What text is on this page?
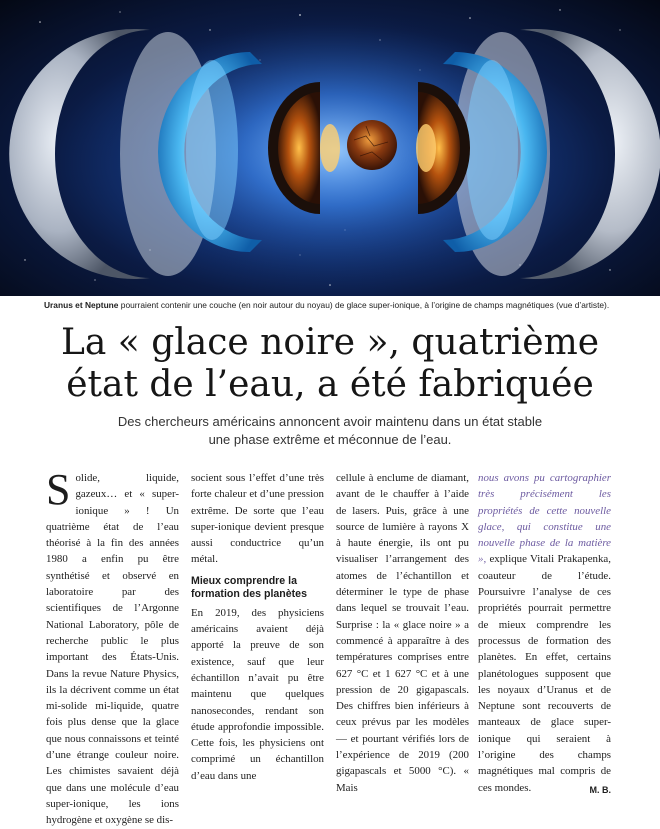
Uranus et Neptune pourraient contenir une couche (en noir autour du noyau) de glace super-ionique, à l’origine de champs magnétiques (vue d’artiste).
La « glace noire », quatrième
état de l’eau, a été fabriquée
Des chercheurs américains annoncent avoir maintenu dans un état stable
une phase extrême et méconnue de l’eau.
Solide, liquide, gazeux… et « super-ionique » ! Un quatrième état de l’eau théorisé à la fin des années 1980 a enfin pu être synthétisé et observé en laboratoire par des scientifiques de l’Argonne National Laboratory, pôle de recherche public le plus important des États-Unis. Dans la revue Nature Physics, ils la décrivent comme un état mi-solide mi-liquide, quatre fois plus dense que la glace que nous connaissons et teinté d’une étrange couleur noire. Les chimistes savaient déjà que dans une molécule d’eau super-ionique, les ions hydrogène et oxygène se dis-

socient sous l’effet d’une très forte chaleur et d’une pression extrême. De sorte que l’eau super-ionique devient presque aussi conductrice qu’un métal.

Mieux comprendre la formation des planètes

En 2019, des physiciens américains avaient déjà apporté la preuve de son existence, sauf que leur échantillon n’avait pu être maintenu que quelques nanosecondes, rendant son étude approfondie impossible. Cette fois, les physiciens ont comprimé un échantillon d’eau dans une

cellule à enclume de diamant, avant de le chauffer à l’aide de lasers. Puis, grâce à une source de lumière à rayons X à haute énergie, ils ont pu visualiser l’arrangement des atomes de l’échantillon et déterminer le type de phase dans lequel se trouvait l’eau. Surprise : la « glace noire » a commencé à apparaître à des températures comprises entre 627 °C et 1 627 °C et à une pression de 20 gigapascals. Des chiffres bien inférieurs à ceux prévus par les modèles — et pourtant vérifiés lors de l’expérience de 2019 (200 gigapascals et 5000 °C). « Mais

nous avons pu cartographier très précisément les propriétés de cette nouvelle glace, qui constitue une nouvelle phase de la matière », explique Vitali Prakapenka, coauteur de l’étude. Poursuivre l’analyse de ces propriétés pourrait permettre de mieux comprendre les processus de formation des planètes. En effet, certains planétologues supposent que les noyaux d’Uranus et de Neptune sont recouverts de manteaux de glace super-ionique qui seraient à l’origine des champs magnétiques mal compris de ces mondes.	M. B.
